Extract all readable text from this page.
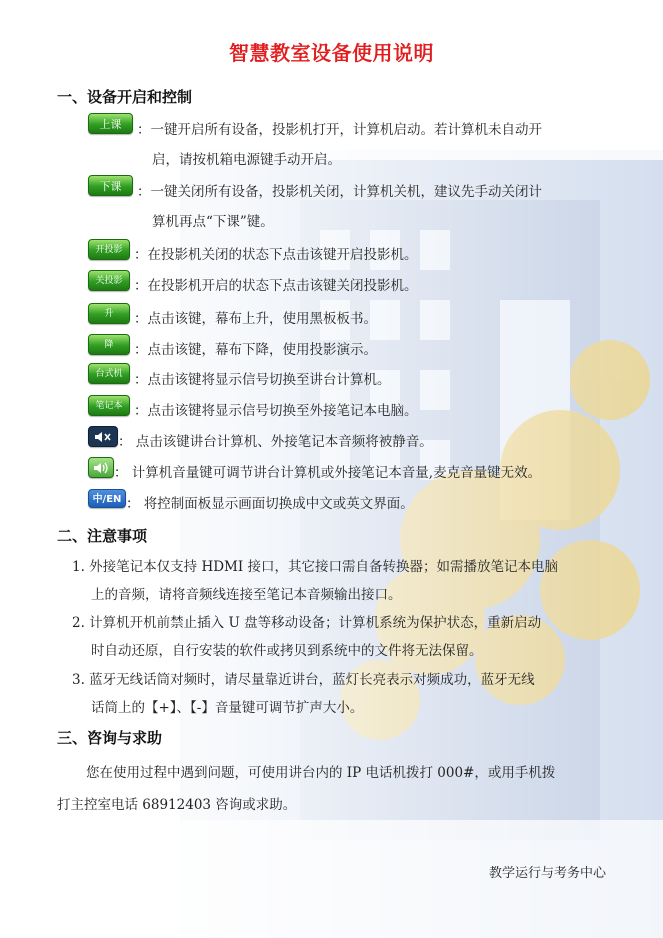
智慧教室设备使用说明
一、设备开启和控制
上课	：一键开启所有设备，投影机打开，计算机启动。若计算机未自动开
启，请按机箱电源键手动开启。
下课	：一键关闭所有设备，投影机关闭，计算机关机，建议先手动关闭计
算机再点“下课”键。
开投影 ：在投影机关闭的状态下点击该键开启投影机。
关投影 ：在投影机开启的状态下点击该键关闭投影机。
升	：点击该键，幕布上升，使用黑板板书。
降	：点击该键，幕布下降，使用投影演示。
台式机 ：点击该键将显示信号切换至讲台计算机。
笔记本 ：点击该键将显示信号切换至外接笔记本电脑。
： 点击该键讲台计算机、外接笔记本音频将被静音。
： 计算机音量键可调节讲台计算机或外接笔记本音量,麦克音量键无效。
中/EN ： 将控制面板显示画面切换成中文或英文界面。
二、注意事项
1. 外接笔记本仅支持 HDMI 接口，其它接口需自备转换器；如需播放笔记本电脑
上的音频，请将音频线连接至笔记本音频输出接口。
2. 计算机开机前禁止插入 U 盘等移动设备；计算机系统为保护状态，重新启动
时自动还原，自行安装的软件或拷贝到系统中的文件将无法保留。
3. 蓝牙无线话筒对频时，请尽量靠近讲台，蓝灯长亮表示对频成功，蓝牙无线
话筒上的【+】、【-】音量键可调节扩声大小。
三、咨询与求助
您在使用过程中遇到问题，可使用讲台内的 IP 电话机拨打 000#，或用手机拨
打主控室电话 68912403 咨询或求助。
教学运行与考务中心
